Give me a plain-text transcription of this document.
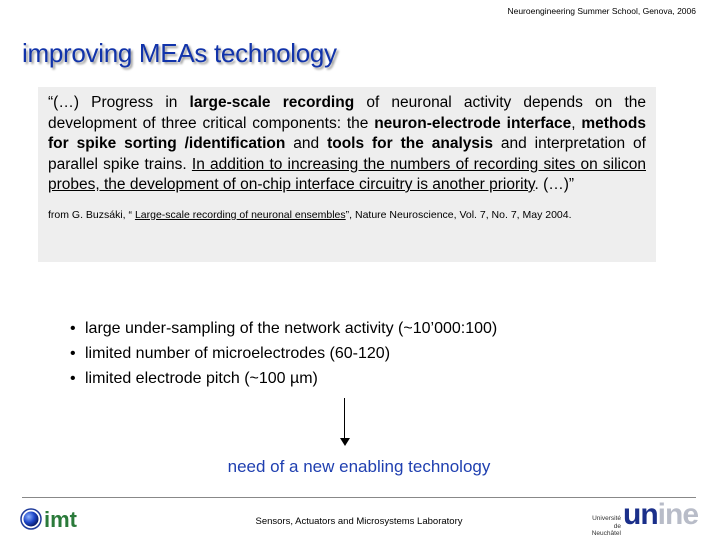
Neuroengineering Summer School, Genova, 2006
improving MEAs technology

“(…) Progress in large-scale recording of neuronal activity depends on the development of three critical components: the neuron-electrode interface, methods for spike sorting /identification and tools for the analysis and interpretation of parallel spike trains. In addition to increasing the numbers of recording sites on silicon probes, the development of on-chip interface circuitry is another priority. (…)”

from G. Buzsáki, “ Large-scale recording of neuronal ensembles”, Nature Neuroscience, Vol. 7, No. 7, May 2004.
• large under-sampling of the network activity (~10’000:100)
• limited number of microelectrodes (60-120)
• limited electrode pitch (~100 µm)
need of a new enabling technology
imt	Sensors, Actuators and Microsystems Laboratory	Université
de Neuchâtel
unine
